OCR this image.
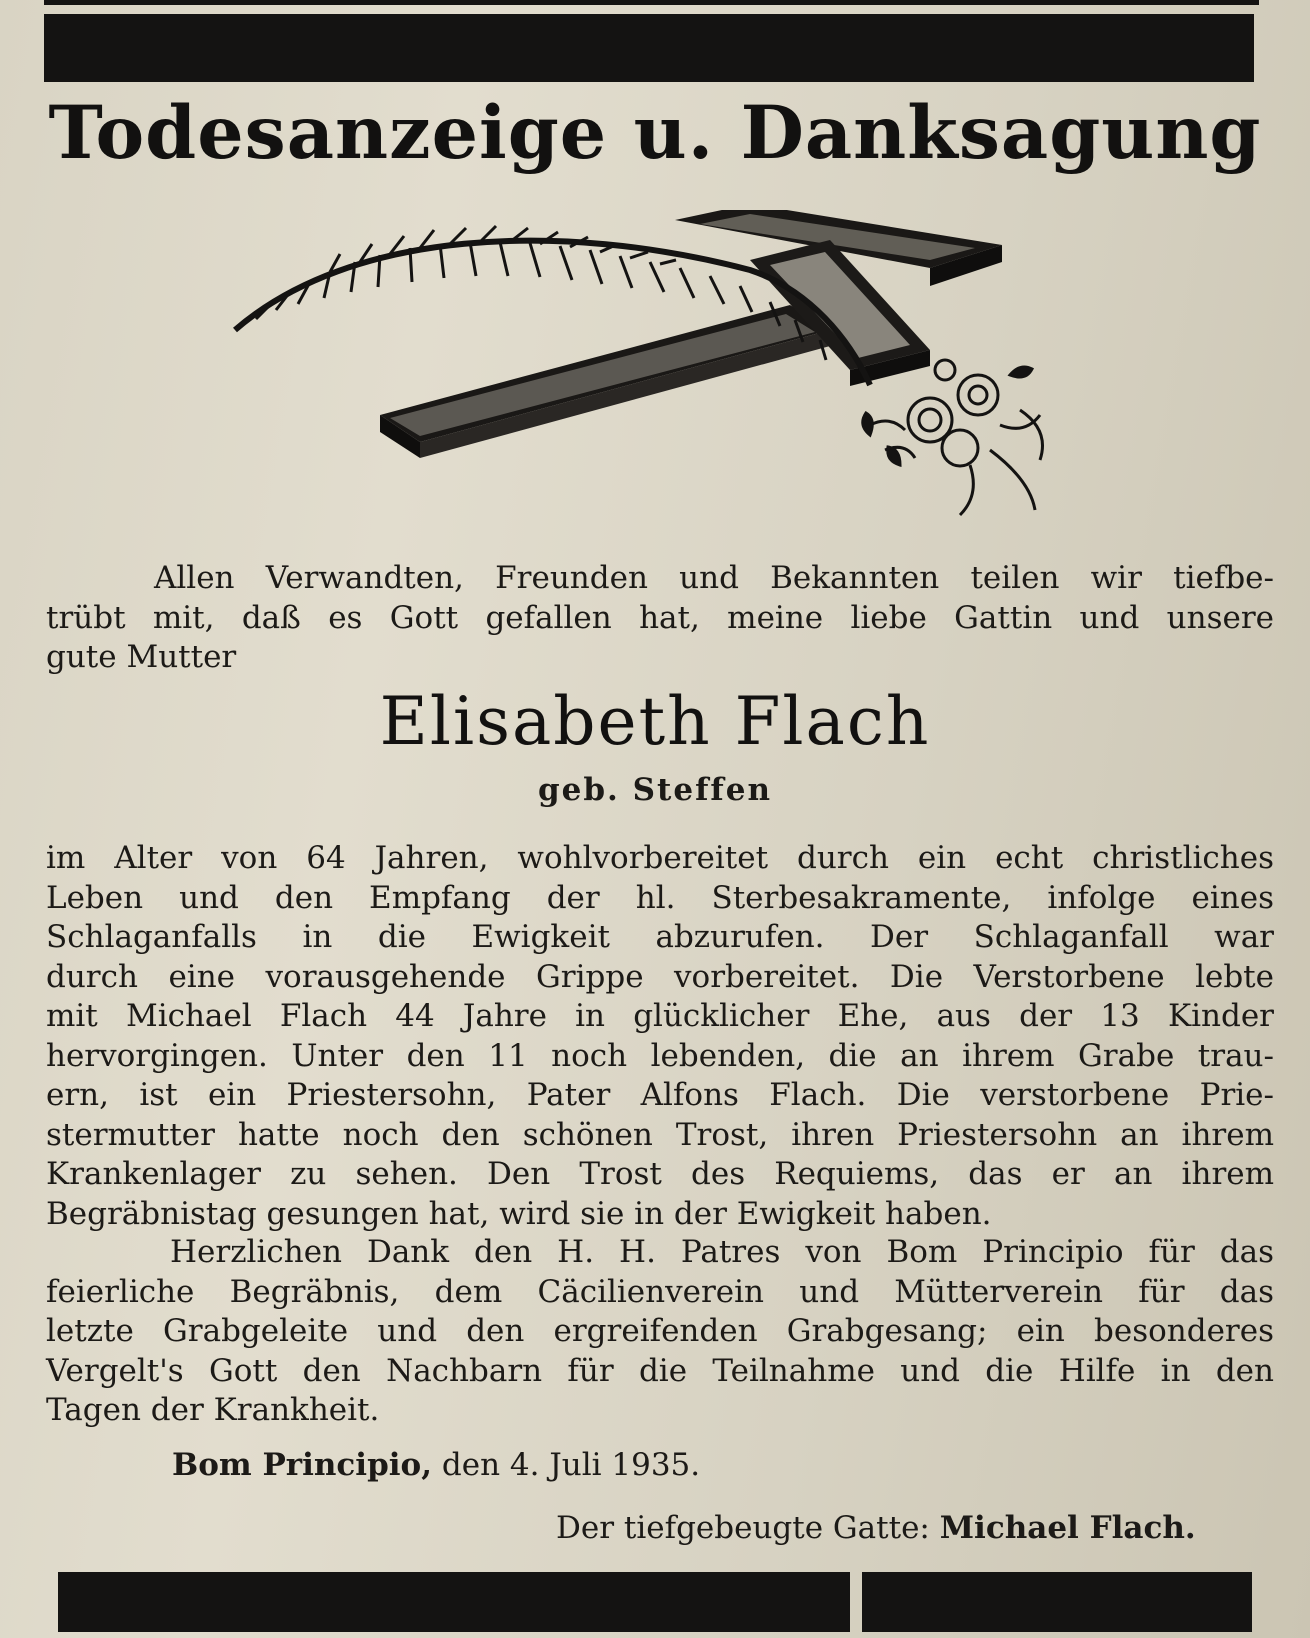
Todesanzeige u. Danksagung
Allen Verwandten, Freunden und Bekannten teilen wir tiefbe-
trübt mit, daß es Gott gefallen hat, meine liebe Gattin und unsere
gute Mutter
Elisabeth Flach
geb. Steffen
im Alter von 64 Jahren, wohlvorbereitet durch ein echt christliches
Leben und den Empfang der hl. Sterbesakramente, infolge eines
Schlaganfalls in die Ewigkeit abzurufen. Der Schlaganfall war
durch eine vorausgehende Grippe vorbereitet. Die Verstorbene lebte
mit Michael Flach 44 Jahre in glücklicher Ehe, aus der 13 Kinder
hervorgingen. Unter den 11 noch lebenden, die an ihrem Grabe trau-
ern, ist ein Priestersohn, Pater Alfons Flach. Die verstorbene Prie-
stermutter hatte noch den schönen Trost, ihren Priestersohn an ihrem
Krankenlager zu sehen. Den Trost des Requiems, das er an ihrem
Begräbnistag gesungen hat, wird sie in der Ewigkeit haben.
Herzlichen Dank den H. H. Patres von Bom Principio für das
feierliche Begräbnis, dem Cäcilienverein und Mütterverein für das
letzte Grabgeleite und den ergreifenden Grabgesang; ein besonderes
Vergelt's Gott den Nachbarn für die Teilnahme und die Hilfe in den
Tagen der Krankheit.
Bom Principio, den 4. Juli 1935.
Der tiefgebeugte Gatte: Michael Flach.
